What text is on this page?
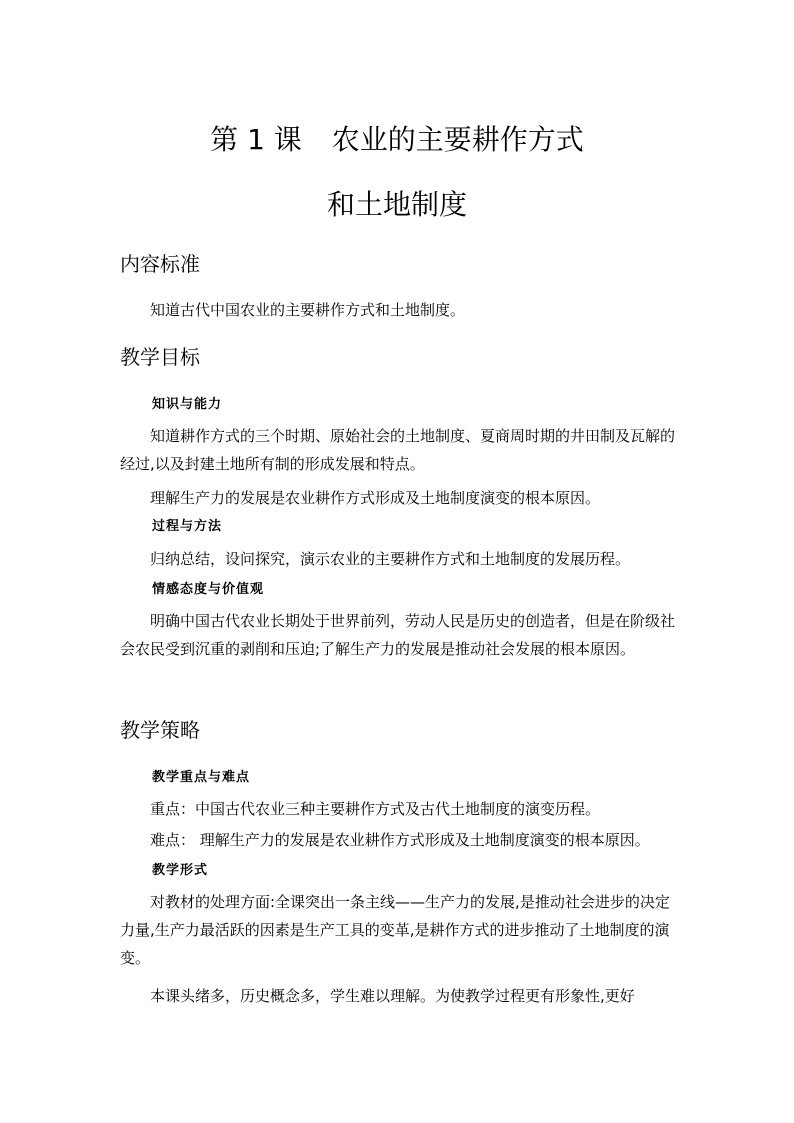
第 1 课 农业的主要耕作方式
和土地制度
内容标准
知道古代中国农业的主要耕作方式和土地制度。
教学目标
知识与能力
知道耕作方式的三个时期、原始社会的土地制度、夏商周时期的井田制及瓦解的经过,以及封建土地所有制的形成发展和特点。
理解生产力的发展是农业耕作方式形成及土地制度演变的根本原因。
过程与方法
归纳总结，设问探究，演示农业的主要耕作方式和土地制度的发展历程。
情感态度与价值观
明确中国古代农业长期处于世界前列，劳动人民是历史的创造者，但是在阶级社会农民受到沉重的剥削和压迫;了解生产力的发展是推动社会发展的根本原因。
教学策略
教学重点与难点
重点：中国古代农业三种主要耕作方式及古代土地制度的演变历程。
难点： 理解生产力的发展是农业耕作方式形成及土地制度演变的根本原因。
教学形式
对教材的处理方面:全课突出一条主线——生产力的发展,是推动社会进步的决定力量,生产力最活跃的因素是生产工具的变革,是耕作方式的进步推动了土地制度的演变。
本课头绪多，历史概念多，学生难以理解。为使教学过程更有形象性,更好
